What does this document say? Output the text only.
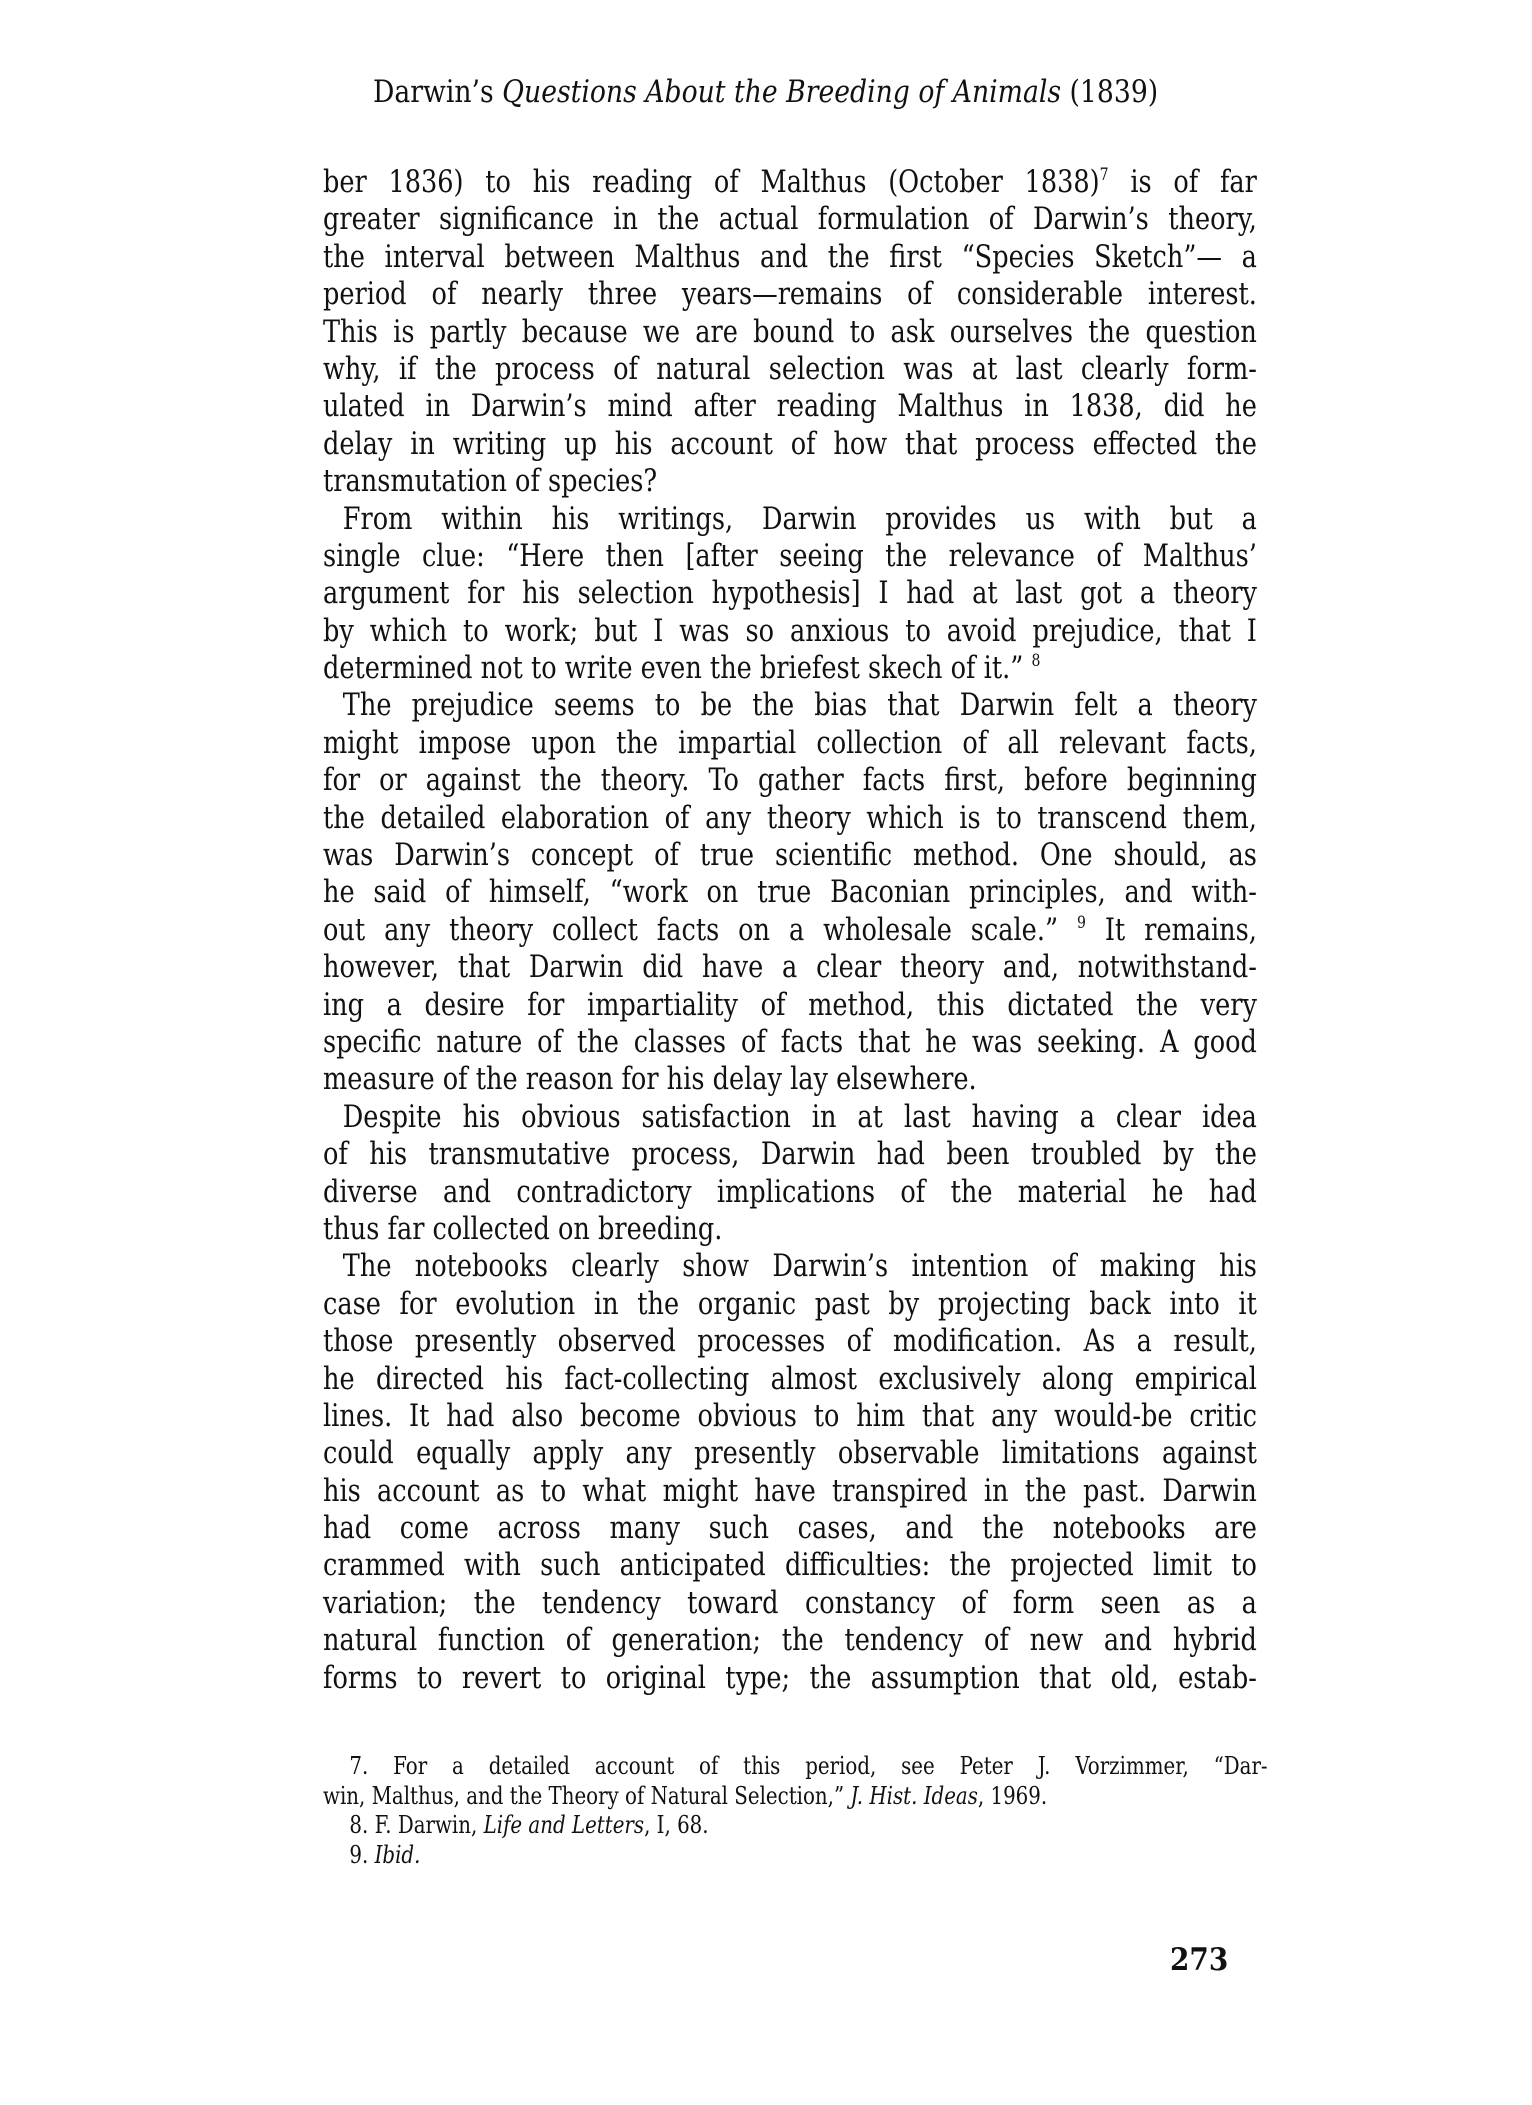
Darwin’s Questions About the Breeding of Animals (1839)
ber 1836) to his reading of Malthus (October 1838)$^7$ is of far
greater significance in the actual formulation of Darwin’s theory,
the interval between Malthus and the first “Species Sketch”— a
period of nearly three years—remains of considerable interest.
This is partly because we are bound to ask ourselves the question
why, if the process of natural selection was at last clearly form-
ulated in Darwin’s mind after reading Malthus in 1838, did he
delay in writing up his account of how that process effected the
transmutation of species?
From within his writings, Darwin provides us with but a
single clue: “Here then [after seeing the relevance of Malthus’
argument for his selection hypothesis] I had at last got a theory
by which to work; but I was so anxious to avoid prejudice, that I
determined not to write even the briefest skech of it.” $^8$
The prejudice seems to be the bias that Darwin felt a theory
might impose upon the impartial collection of all relevant facts,
for or against the theory. To gather facts first, before beginning
the detailed elaboration of any theory which is to transcend them,
was Darwin’s concept of true scientific method. One should, as
he said of himself, “work on true Baconian principles, and with-
out any theory collect facts on a wholesale scale.” $^9$ It remains,
however, that Darwin did have a clear theory and, notwithstand-
ing a desire for impartiality of method, this dictated the very
specific nature of the classes of facts that he was seeking. A good
measure of the reason for his delay lay elsewhere.
Despite his obvious satisfaction in at last having a clear idea
of his transmutative process, Darwin had been troubled by the
diverse and contradictory implications of the material he had
thus far collected on breeding.
The notebooks clearly show Darwin’s intention of making his
case for evolution in the organic past by projecting back into it
those presently observed processes of modification. As a result,
he directed his fact-collecting almost exclusively along empirical
lines. It had also become obvious to him that any would-be critic
could equally apply any presently observable limitations against
his account as to what might have transpired in the past. Darwin
had come across many such cases, and the notebooks are
crammed with such anticipated difficulties: the projected limit to
variation; the tendency toward constancy of form seen as a
natural function of generation; the tendency of new and hybrid
forms to revert to original type; the assumption that old, estab-
7. For a detailed account of this period, see Peter J. Vorzimmer, “Dar-
win, Malthus, and the Theory of Natural Selection,” J. Hist. Ideas, 1969.
8. F. Darwin, Life and Letters, I, 68.
9. Ibid.
273
